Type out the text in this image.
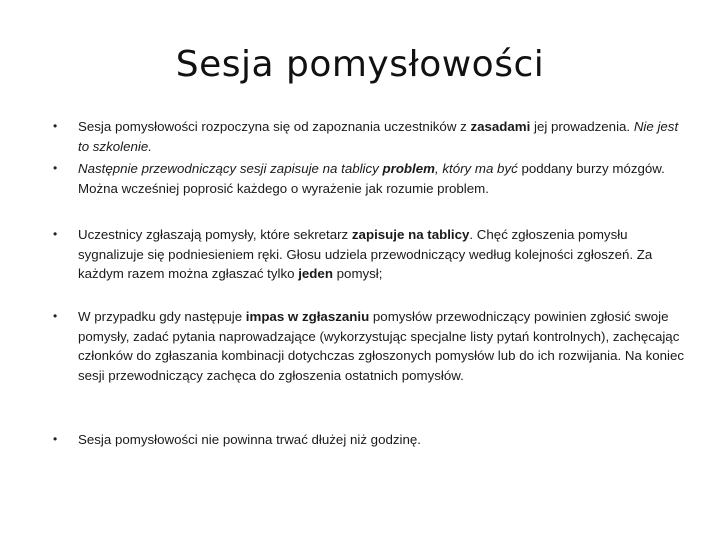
Sesja pomysłowości
• Sesja pomysłowości rozpoczyna się od zapoznania uczestników z zasadami jej prowadzenia. Nie jest to szkolenie.
• Następnie przewodniczący sesji zapisuje na tablicy problem, który ma być poddany burzy mózgów. Można wcześniej poprosić każdego o wyrażenie jak rozumie problem.
• Uczestnicy zgłaszają pomysły, które sekretarz zapisuje na tablicy. Chęć zgłoszenia pomysłu sygnalizuje się podniesieniem ręki. Głosu udziela przewodniczący według kolejności zgłoszeń. Za każdym razem można zgłaszać tylko jeden pomysł;
• W przypadku gdy następuje impas w zgłaszaniu pomysłów przewodniczący powinien zgłosić swoje pomysły, zadać pytania naprowadzające (wykorzystując specjalne listy pytań kontrolnych), zachęcając członków do zgłaszania kombinacji dotychczas zgłoszonych pomysłów lub do ich rozwijania. Na koniec sesji przewodniczący zachęca do zgłoszenia ostatnich pomysłów.
• Sesja pomysłowości nie powinna trwać dłużej niż godzinę.
